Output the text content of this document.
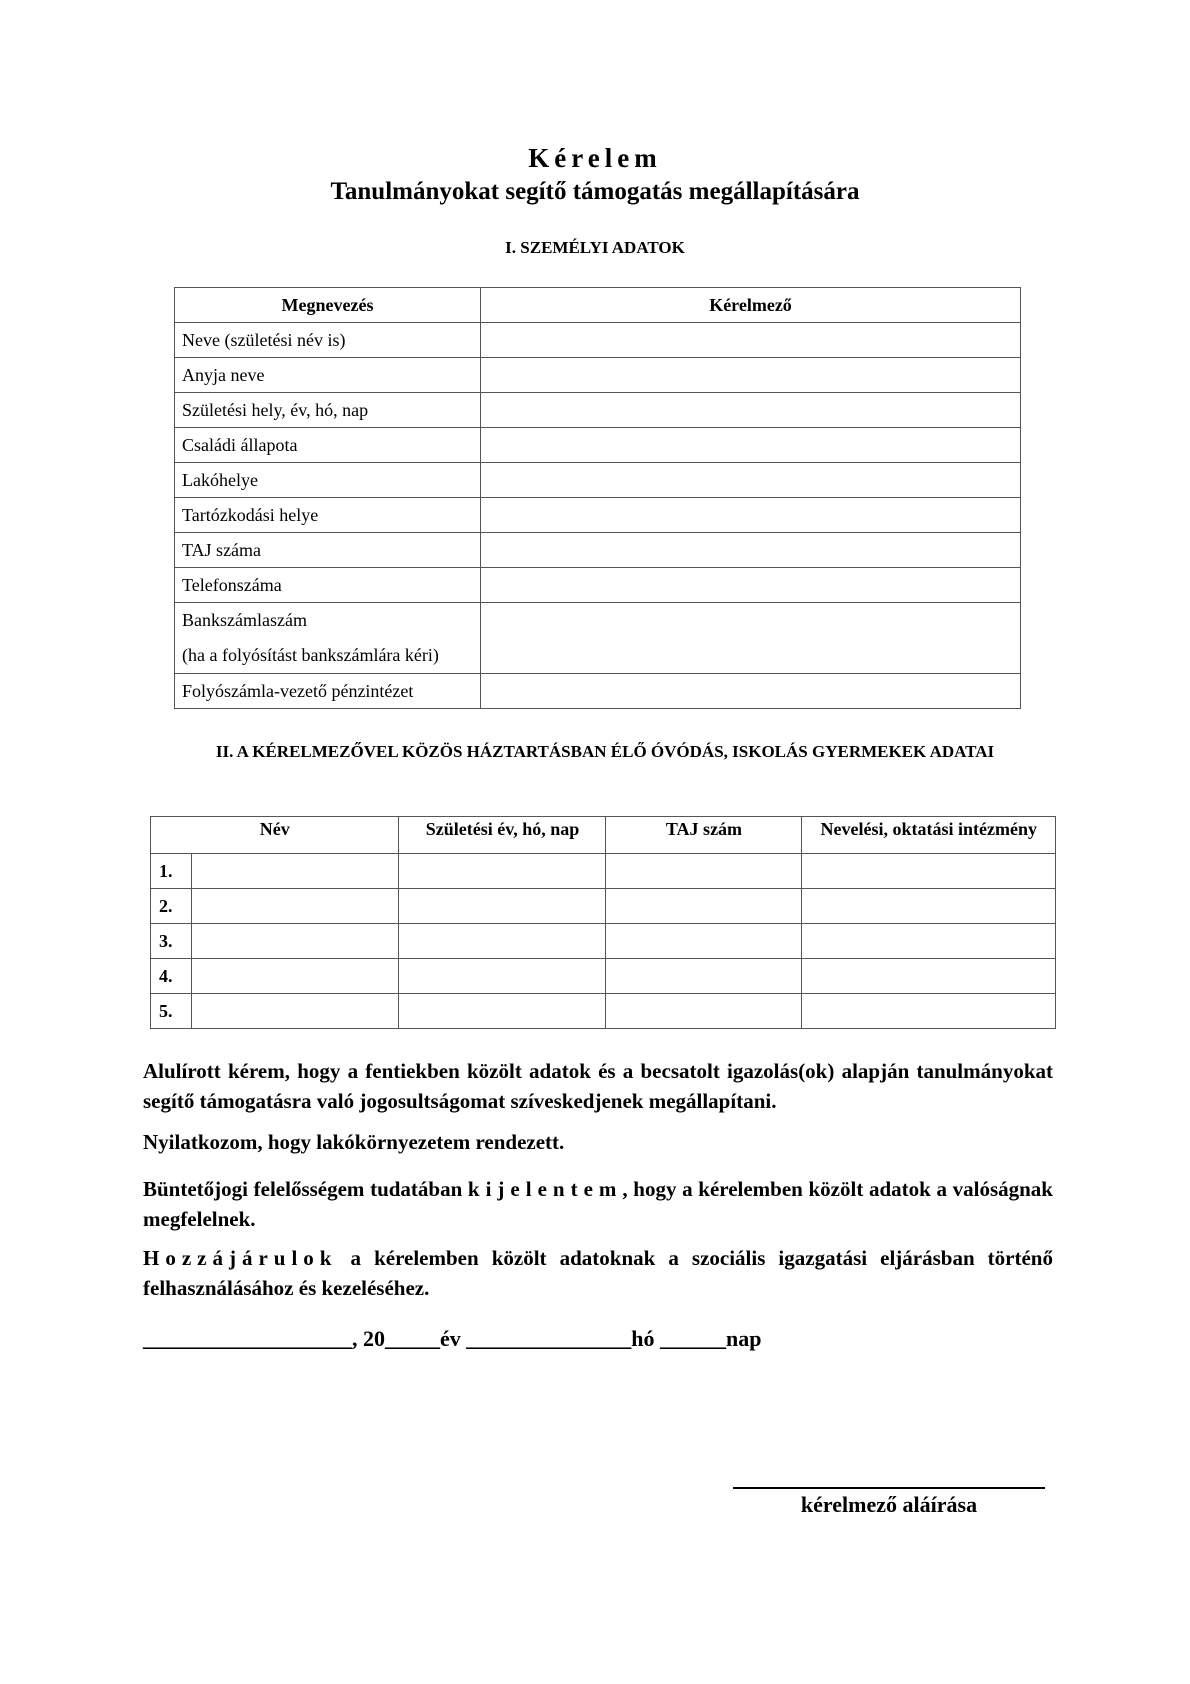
Kérelem
Tanulmányokat segítő támogatás megállapítására
I. SZEMÉLYI ADATOK
Megnevezés	Kérelmező
Neve (születési név is)	
Anyja neve	
Születési hely, év, hó, nap	
Családi állapota	
Lakóhelye	
Tartózkodási helye	
TAJ száma	
Telefonszáma	

Bankszámlaszám
(ha a folyósítást bankszámlára kéri)	

Folyószámla-vezető pénzintézet	
II. A KÉRELMEZŐVEL KÖZÖS HÁZTARTÁSBAN ÉLŐ ÓVÓDÁS, ISKOLÁS GYERMEKEK ADATAI
Név		Születési év, hó, nap	TAJ szám	Nevelési, oktatási intézmény
1.				
2.				
3.				
4.				
5.				
Alulírott kérem, hogy a fentiekben közölt adatok és a becsatolt igazolás(ok) alapján tanulmányokat segítő támogatásra való jogosultságomat szíveskedjenek megállapítani.
Nyilatkozom, hogy lakókörnyezetem rendezett.
Büntetőjogi felelősségem tudatában kijelentem, hogy a kérelemben közölt adatok a valóságnak megfelelnek.
Hozzájárulok a kérelemben közölt adatoknak a szociális igazgatási eljárásban történő felhasználásához és kezeléséhez.
___________________, 20_____év _______________hó ______nap
kérelmező aláírása
